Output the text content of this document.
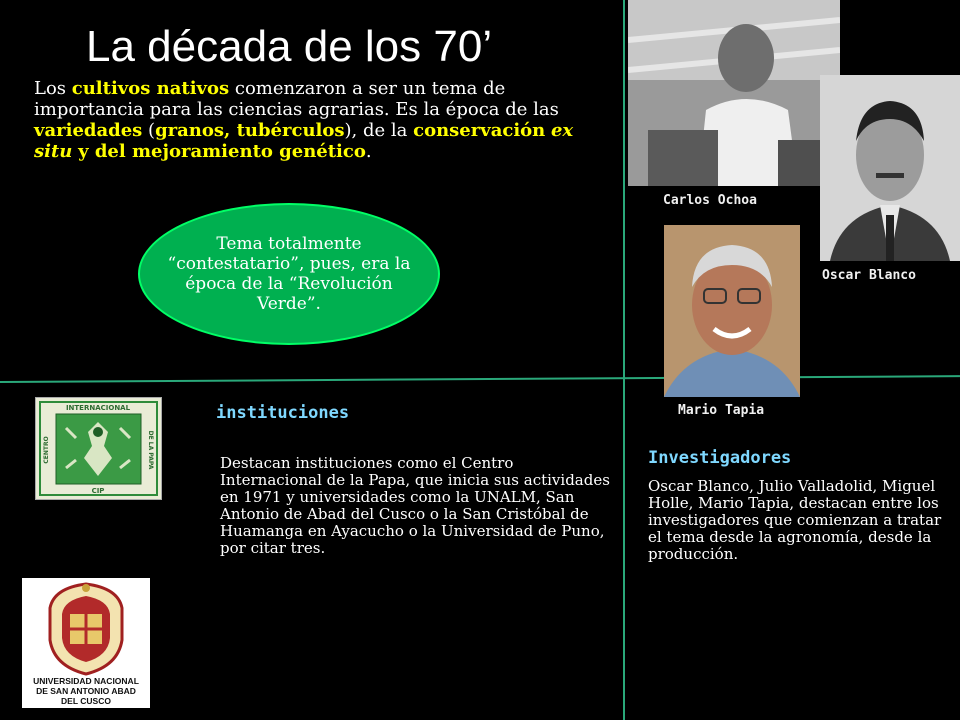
La década de los 70’
Los cultivos nativos comenzaron a ser un tema de importancia para las ciencias agrarias. Es la época de las variedades (granos, tubérculos), de la conservación ex situ y del mejoramiento genético.
Tema totalmente “contestatario”, pues, era la época de la “Revolución Verde”.
Carlos Ochoa
Oscar Blanco
Mario Tapia
INTERNACIONAL
CIP
CENTRO	DE LA PAPA
instituciones
Destacan instituciones como el Centro Internacional de la Papa, que inicia sus actividades en 1971 y universidades como la UNALM, San Antonio de Abad del Cusco o la San Cristóbal de Huamanga en Ayacucho o la Universidad de Puno, por citar tres.
Investigadores
Oscar Blanco, Julio Valladolid, Miguel Holle, Mario Tapia, destacan entre los investigadores que comienzan a tratar el tema desde la agronomía, desde la producción.
UNIVERSIDAD NACIONAL
DE SAN ANTONIO ABAD
DEL CUSCO
